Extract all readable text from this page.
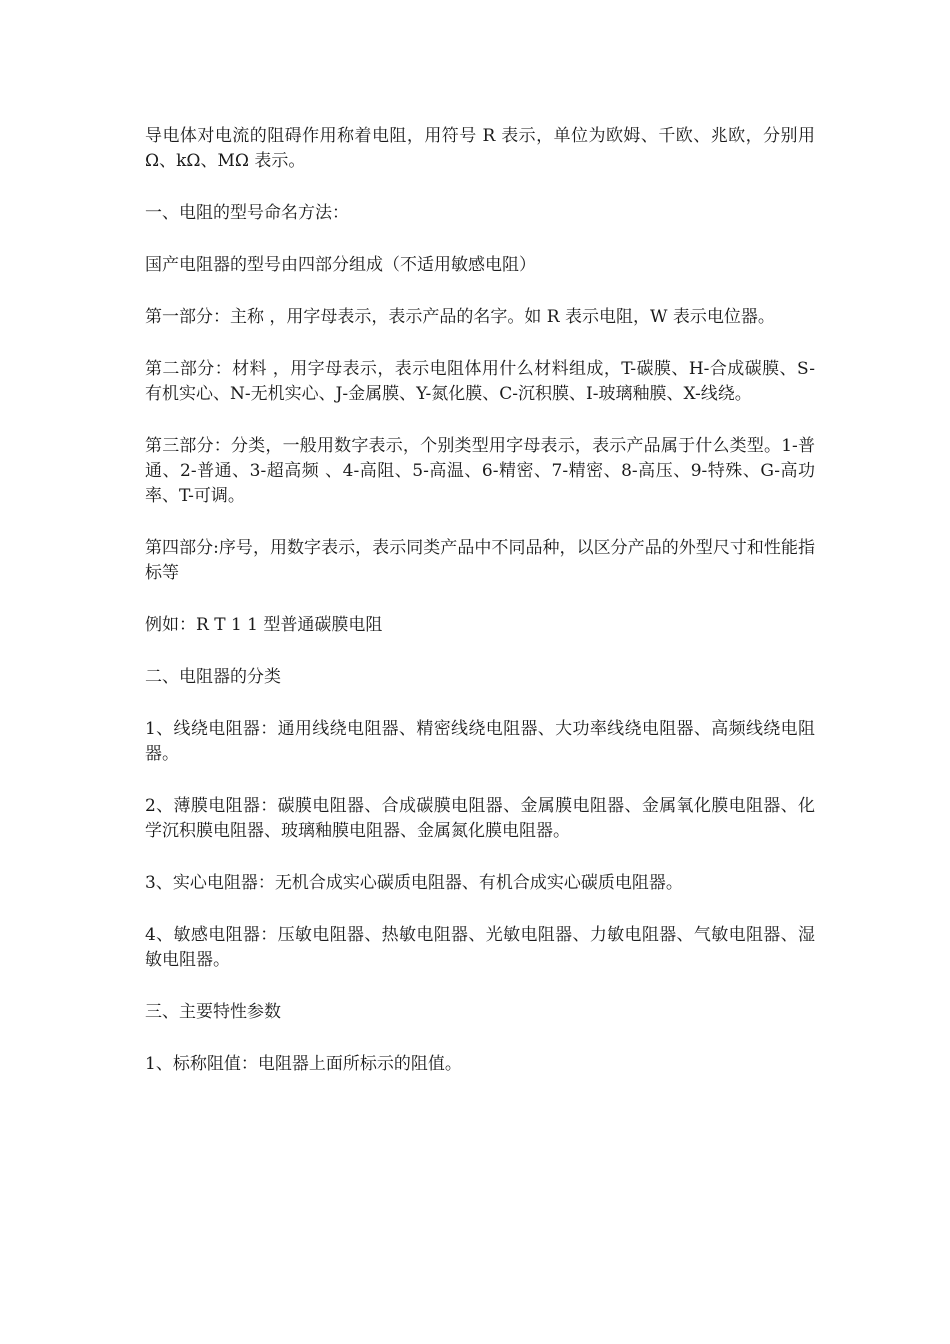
导电体对电流的阻碍作用称着电阻，用符号 R 表示，单位为欧姆、千欧、兆欧，分别用 Ω、kΩ、MΩ 表示。

一、电阻的型号命名方法：

国产电阻器的型号由四部分组成（不适用敏感电阻）

第一部分：主称 ，用字母表示，表示产品的名字。如 R 表示电阻，W 表示电位器。

第二部分：材料 ，用字母表示，表示电阻体用什么材料组成，T-碳膜、H-合成碳膜、S-有机实心、N-无机实心、J-金属膜、Y-氮化膜、C-沉积膜、I-玻璃釉膜、X-线绕。

第三部分：分类，一般用数字表示，个别类型用字母表示，表示产品属于什么类型。1-普通、2-普通、3-超高频 、4-高阻、5-高温、6-精密、7-精密、8-高压、9-特殊、G-高功率、T-可调。

第四部分:序号，用数字表示，表示同类产品中不同品种，以区分产品的外型尺寸和性能指标等

例如：R T 1 1 型普通碳膜电阻

二、电阻器的分类

1、线绕电阻器：通用线绕电阻器、精密线绕电阻器、大功率线绕电阻器、高频线绕电阻器。

2、薄膜电阻器：碳膜电阻器、合成碳膜电阻器、金属膜电阻器、金属氧化膜电阻器、化学沉积膜电阻器、玻璃釉膜电阻器、金属氮化膜电阻器。

3、实心电阻器：无机合成实心碳质电阻器、有机合成实心碳质电阻器。

4、敏感电阻器：压敏电阻器、热敏电阻器、光敏电阻器、力敏电阻器、气敏电阻器、湿敏电阻器。

三、主要特性参数

1、标称阻值：电阻器上面所标示的阻值。
